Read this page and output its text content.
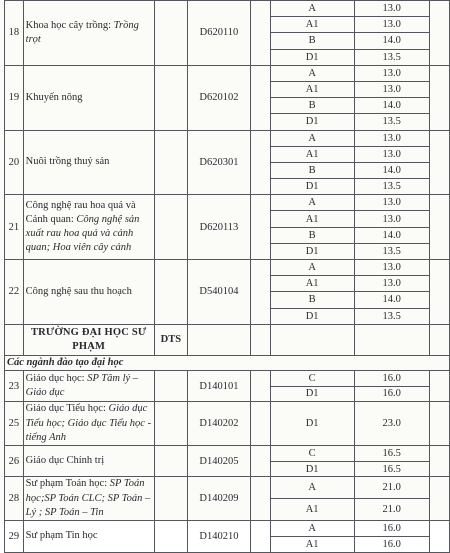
18	Khoa học cây trồng: Trồng trọt		D620110		A	13.0	
					A1	13.0	
					B	14.0	
					D1	13.5	
19	Khuyến nông		D620102		A	13.0	
					A1	13.0	
					B	14.0	
					D1	13.5	
20	Nuôi trồng thuỷ sản		D620301		A	13.0	
					A1	13.0	
					B	14.0	
					D1	13.5	
21	Công nghệ rau hoa quả và Cảnh quan: Công nghệ sản xuất rau hoa quả và cảnh quan; Hoa viên cây cảnh		D620113		A	13.0	
					A1	13.0	
					B	14.0	
					D1	13.5	
22	Công nghệ sau thu hoạch		D540104		A	13.0	
					A1	13.0	
					B	14.0	
					D1	13.5	
	TRƯỜNG ĐẠI HỌC SƯ PHẠM	DTS					
Các ngành đào tạo đại học							
23	Giáo dục học: SP Tâm lý – Giáo dục		D140101		C	16.0	
					D1	16.0	
25	Giáo dục Tiểu học: Giáo dục Tiểu học; Giáo dục Tiểu học - tiếng Anh		D140202		D1	23.0	
26	Giáo dục Chính trị		D140205		C	16.5	
					D1	16.5	
28	Sư phạm Toán học: SP Toán học;SP Toán CLC; SP Toán – Lý ; SP Toán – Tin		D140209		A	21.0	
					A1	21.0	
29	Sư phạm Tin học		D140210		A	16.0	
					A1	16.0	
